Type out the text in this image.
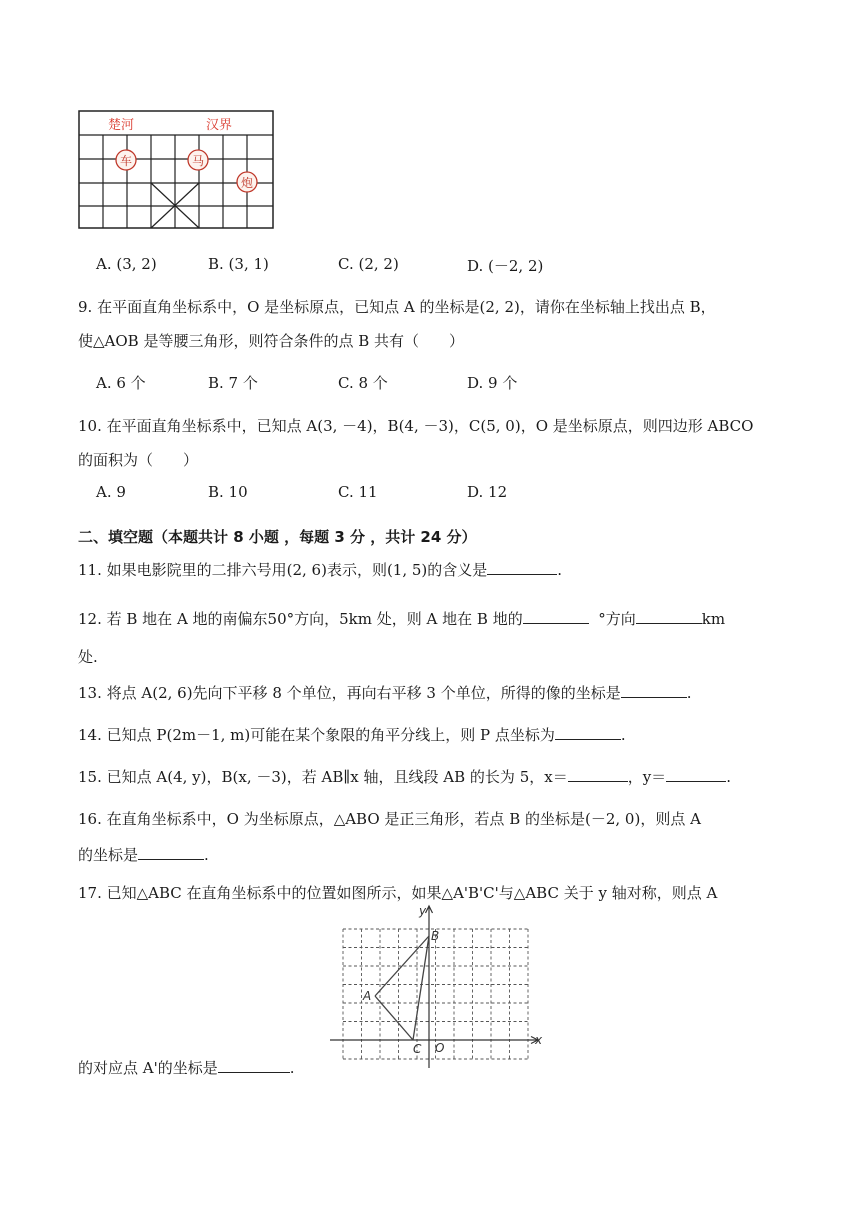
楚河	汉界
车	马
炮
A. (3, 2)	B. (3, 1)	C. (2, 2)	D. (－2, 2)
9. 在平面直角坐标系中，O 是坐标原点，已知点 A 的坐标是(2, 2)，请你在坐标轴上找出点 B，
使△AOB 是等腰三角形，则符合条件的点 B 共有（　　）
A. 6 个	B. 7 个	C. 8 个	D. 9 个
10. 在平面直角坐标系中，已知点 A(3, －4)，B(4, －3)，C(5, 0)，O 是坐标原点，则四边形 ABCO
的面积为（　　）
A. 9	B. 10	C. 11	D. 12
二、填空题（本题共计 8 小题 ，每题 3 分 ，共计 24 分）
11. 如果电影院里的二排六号用(2, 6)表示，则(1, 5)的含义是	.
12. 若 B 地在 A 地的南偏东50°方向，5km 处，则 A 地在 B 地的	°方向	km
处.
13. 将点 A(2, 6)先向下平移 8 个单位，再向右平移 3 个单位，所得的像的坐标是	.
14. 已知点 P(2m－1, m)可能在某个象限的角平分线上，则 P 点坐标为	.
15. 已知点 A(4, y)，B(x, －3)，若 AB∥x 轴，且线段 AB 的长为 5，x＝	，y＝	.
16. 在直角坐标系中，O 为坐标原点，△ABO 是正三角形，若点 B 的坐标是(－2, 0)，则点 A
的坐标是	.
17. 已知△ABC 在直角坐标系中的位置如图所示，如果△A'B'C'与△ABC 关于 y 轴对称，则点 A
y
x
A
B
C O
的对应点 A'的坐标是	.
